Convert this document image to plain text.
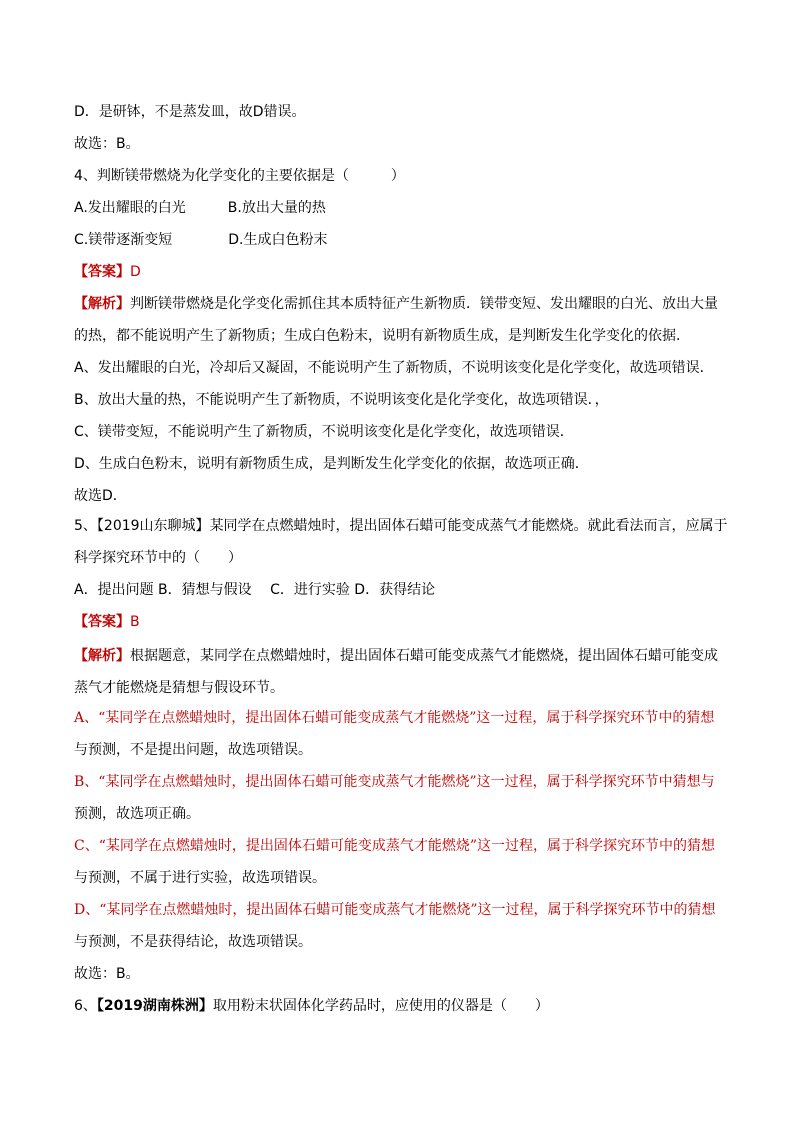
D．是研钵，不是蒸发皿，故D错误。
故选：B。
4、判断镁带燃烧为化学变化的主要依据是（　　　）
A.发出耀眼的白光　　　B.放出大量的热
C.镁带逐渐变短　　　　D.生成白色粉末
【答案】D
【解析】判断镁带燃烧是化学变化需抓住其本质特征产生新物质．镁带变短、发出耀眼的白光、放出大量
的热，都不能说明产生了新物质；生成白色粉末，说明有新物质生成，是判断发生化学变化的依据．
A、发出耀眼的白光，冷却后又凝固，不能说明产生了新物质，不说明该变化是化学变化，故选项错误．
B、放出大量的热，不能说明产生了新物质，不说明该变化是化学变化，故选项错误．，
C、镁带变短，不能说明产生了新物质，不说明该变化是化学变化，故选项错误．
D、生成白色粉末，说明有新物质生成，是判断发生化学变化的依据，故选项正确．
故选D．
5、【2019山东聊城】某同学在点燃蜡烛时，提出固体石蜡可能变成蒸气才能燃烧。就此看法而言，应属于
科学探究环节中的（　　）
A．提出问题 B．猜想与假设　 C．进行实验 D．获得结论
【答案】B
【解析】根据题意，某同学在点燃蜡烛时，提出固体石蜡可能变成蒸气才能燃烧，提出固体石蜡可能变成
蒸气才能燃烧是猜想与假设环节。
A、“某同学在点燃蜡烛时，提出固体石蜡可能变成蒸气才能燃烧”这一过程，属于科学探究环节中的猜想
与预测，不是提出问题，故选项错误。
B、“某同学在点燃蜡烛时，提出固体石蜡可能变成蒸气才能燃烧”这一过程，属于科学探究环节中猜想与
预测，故选项正确。
C、“某同学在点燃蜡烛时，提出固体石蜡可能变成蒸气才能燃烧”这一过程，属于科学探究环节中的猜想
与预测，不属于进行实验，故选项错误。
D、“某同学在点燃蜡烛时，提出固体石蜡可能变成蒸气才能燃烧”这一过程，属于科学探究环节中的猜想
与预测，不是获得结论，故选项错误。
故选：B。
6、【2019湖南株洲】取用粉末状固体化学药品时，应使用的仪器是（　　）
